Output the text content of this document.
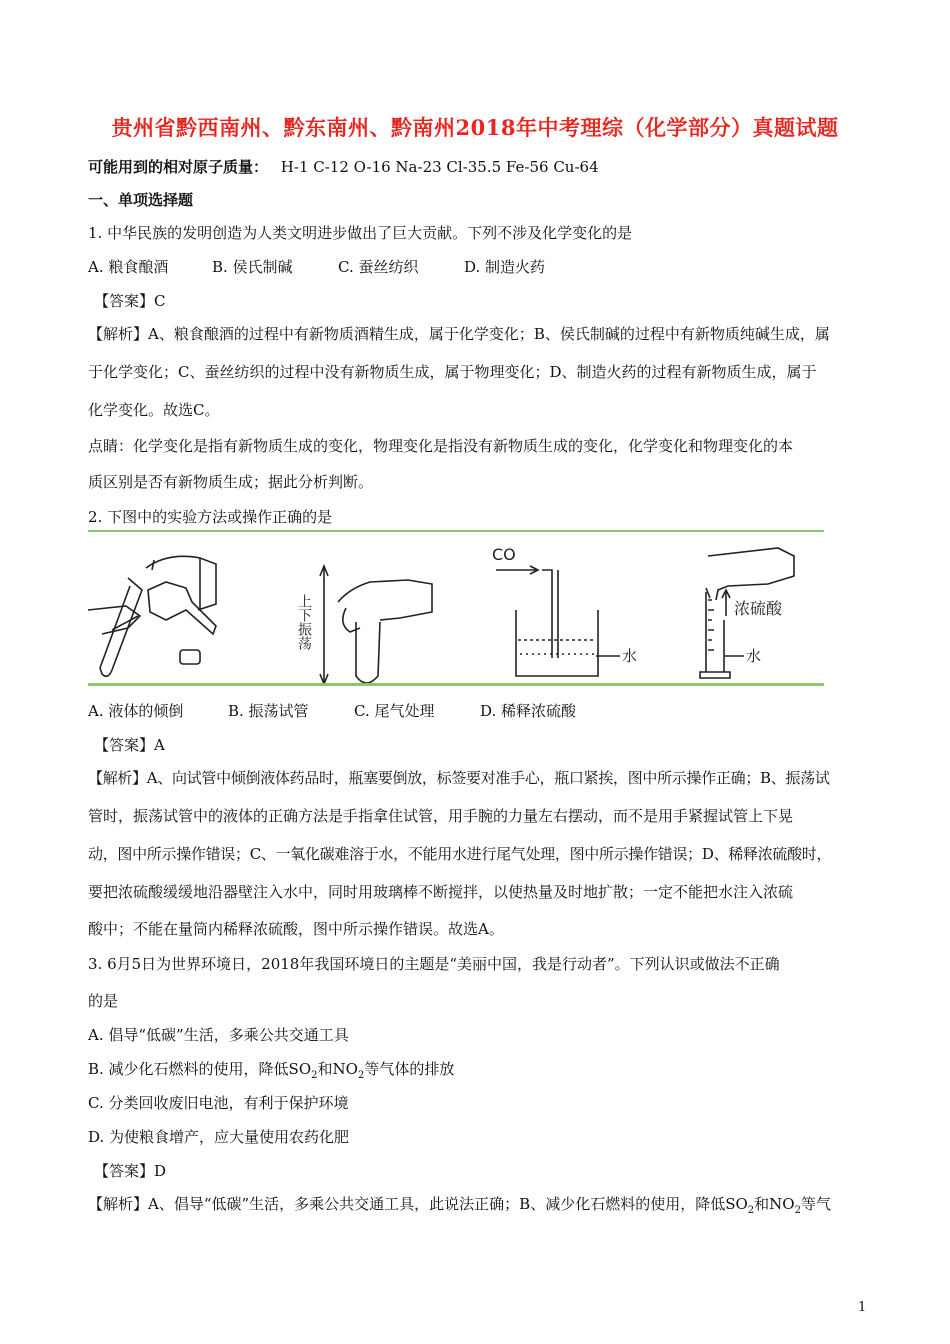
贵州省黔西南州、黔东南州、黔南州2018年中考理综（化学部分）真题试题
可能用到的相对原子质量： H-1 C-12 O-16 Na-23 Cl-35.5 Fe-56 Cu-64
一、单项选择题
1. 中华民族的发明创造为人类文明进步做出了巨大贡献。下列不涉及化学变化的是
A. 粮食酿酒	B. 侯氏制碱	C. 蚕丝纺织	D. 制造火药
【答案】C
【解析】A、粮食酿酒的过程中有新物质酒精生成，属于化学变化；B、侯氏制碱的过程中有新物质纯碱生成，属
于化学变化；C、蚕丝纺织的过程中没有新物质生成，属于物理变化；D、制造火药的过程有新物质生成，属于
化学变化。故选C。
点睛：化学变化是指有新物质生成的变化，物理变化是指没有新物质生成的变化，化学变化和物理变化的本
质区别是否有新物质生成；据此分析判断。
2. 下图中的实验方法或操作正确的是
CO
水
浓硫酸
水
上下振荡
A. 液体的倾倒	B. 振荡试管	C. 尾气处理	D. 稀释浓硫酸
【答案】A
【解析】A、向试管中倾倒液体药品时，瓶塞要倒放，标签要对准手心，瓶口紧挨，图中所示操作正确；B、振荡试
管时，振荡试管中的液体的正确方法是手指拿住试管，用手腕的力量左右摆动，而不是用手紧握试管上下晃
动，图中所示操作错误；C、一氧化碳难溶于水，不能用水进行尾气处理，图中所示操作错误；D、稀释浓硫酸时，
要把浓硫酸缓缓地沿器壁注入水中，同时用玻璃棒不断搅拌，以使热量及时地扩散；一定不能把水注入浓硫
酸中；不能在量筒内稀释浓硫酸，图中所示操作错误。故选A。
3. 6月5日为世界环境日，2018年我国环境日的主题是“美丽中国，我是行动者”。下列认识或做法不正确
的是
A. 倡导“低碳”生活，多乘公共交通工具
B. 减少化石燃料的使用，降低$SO_2$和$NO_2$等气体的排放
C. 分类回收废旧电池，有利于保护环境
D. 为使粮食增产，应大量使用农药化肥
【答案】D
【解析】A、倡导“低碳”生活，多乘公共交通工具，此说法正确；B、减少化石燃料的使用，降低$SO_2$和$NO_2$等气
1
